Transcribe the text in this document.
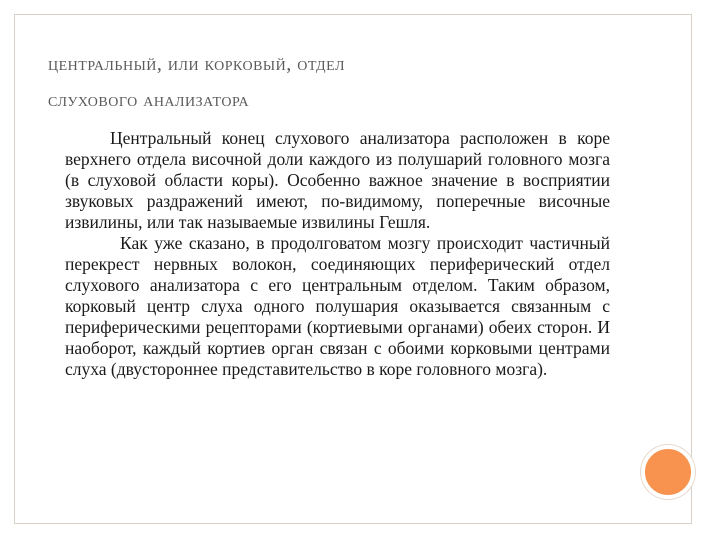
центральный, или корковый, отдел
слухового анализатора

Центральный конец слухового анализатора расположен в коре верхнего отдела височной доли каждого из полушарий головного мозга (в слуховой области коры). Особенно важное значение в восприятии звуковых раздражений имеют, по-видимому, поперечные височные извилины, или так называемые извилины Гешля.

Как уже сказано, в продолговатом мозгу происходит частичный перекрест нервных волокон, соединяющих периферический отдел слухового анализатора с его центральным отделом. Таким образом, корковый центр слуха одного полушария оказывается связанным с периферическими рецепторами (кортиевыми органами) обеих сторон. И наоборот, каждый кортиев орган связан с обоими корковыми центрами слуха (двустороннее представительство в коре головного мозга).
